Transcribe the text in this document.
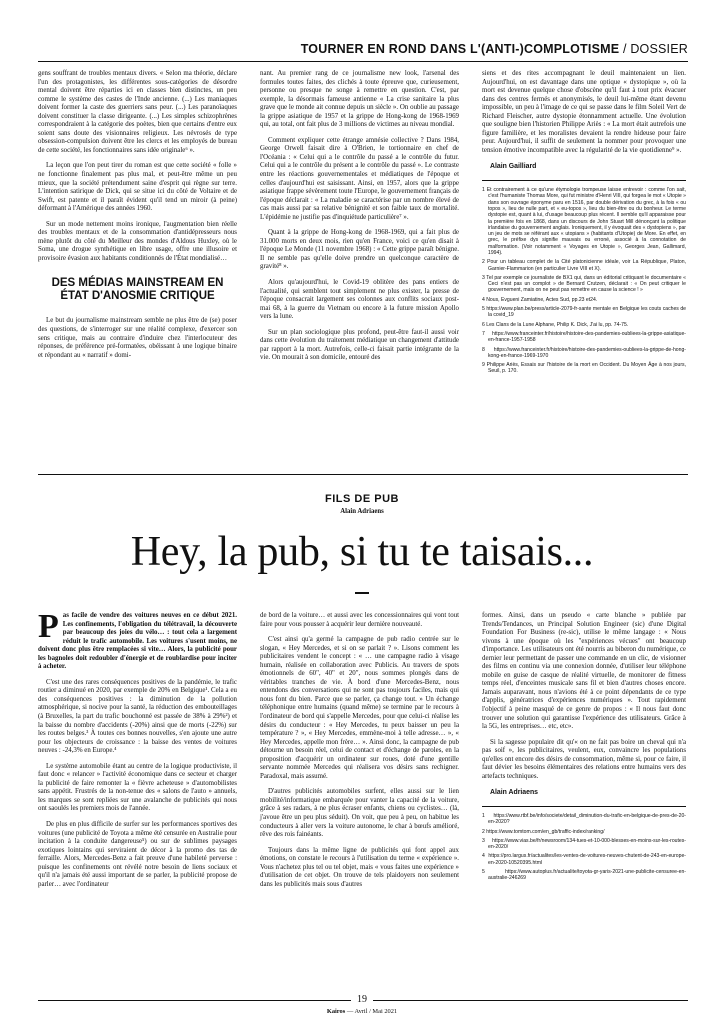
TOURNER EN ROND DANS L'(ANTI-)COMPLOTISME / DOSSIER

gens souffrant de troubles mentaux divers. « Selon ma théorie, déclare l'un des protagonistes, les différentes sous-catégories de désordre mental doivent être réparties ici en classes bien distinctes, un peu comme le système des castes de l'Inde ancienne. (...) Les maniaques doivent former la caste des guerriers sans peur. (...) Les paranoïaques doivent constituer la classe dirigeante. (...) Les simples schizophrènes correspondraient à la catégorie des poètes, bien que certains d'entre eux soient sans doute des visionnaires religieux. Les névrosés de type obsession-compulsion doivent être les clercs et les employés de bureau de cette société, les fonctionnaires sans idée originale⁶ ».

La leçon que l'on peut tirer du roman est que cette société « folle » ne fonctionne finalement pas plus mal, et peut-être même un peu mieux, que la société prétendument saine d'esprit qui règne sur terre. L'intention satirique de Dick, qui se situe ici du côté de Voltaire et de Swift, est patente et il paraît évident qu'il tend un miroir (à peine) déformant à l'Amérique des années 1960.

Sur un mode nettement moins ironique, l'augmentation bien réelle des troubles mentaux et de la consommation d'antidépresseurs nous mène plutôt du côté du Meilleur des mondes d'Aldous Huxley, où le Soma, une drogue synthétique en libre usage, offre une illusoire et provisoire évasion aux habitants conditionnés de l'État mondialisé…

DES MÉDIAS MAINSTREAM EN ÉTAT D'ANOSMIE CRITIQUE

Le but du journalisme mainstream semble ne plus être de (se) poser des questions, de s'interroger sur une réalité complexe, d'exercer son sens critique, mais au contraire d'induire chez l'interlocuteur des réponses, de préférence pré-formatées, obéissant à une logique binaire et répondant au « narratif » domi-

nant. Au premier rang de ce journalisme new look, l'arsenal des formules toutes faites, des clichés à toute épreuve que, curieusement, personne ou presque ne songe à remettre en question. C'est, par exemple, la désormais fameuse antienne « La crise sanitaire la plus grave que le monde ait connue depuis un siècle ». On oublie au passage la grippe asiatique de 1957 et la grippe de Hong-kong de 1968-1969 qui, au total, ont fait plus de 3 millions de victimes au niveau mondial.

Comment expliquer cette étrange amnésie collective ? Dans 1984, George Orwell faisait dire à O'Brien, le tortionnaire en chef de l'Océania : « Celui qui a le contrôle du passé a le contrôle du futur. Celui qui a le contrôle du présent a le contrôle du passé ». Le contraste entre les réactions gouvernementales et médiatiques de l'époque et celles d'aujourd'hui est saisissant. Ainsi, en 1957, alors que la grippe asiatique frappe sévèrement toute l'Europe, le gouvernement français de l'époque déclarait : « La maladie se caractérise par un nombre élevé de cas mais aussi par sa relative bénignité et son faible taux de mortalité. L'épidémie ne justifie pas d'inquiétude particulière⁷ ».

Quant à la grippe de Hong-kong de 1968-1969, qui a fait plus de 31.000 morts en deux mois, rien qu'en France, voici ce qu'en disait à l'époque Le Monde (11 novembre 1968) : « Cette grippe paraît bénigne. Il ne semble pas qu'elle doive prendre un quelconque caractère de gravité⁸ ».

Alors qu'aujourd'hui, le Covid-19 oblitère des pans entiers de l'actualité, qui semblent tout simplement ne plus exister, la presse de l'époque consacrait largement ses colonnes aux conflits sociaux post-mai 68, à la guerre du Vietnam ou encore à la future mission Apollo vers la lune.

Sur un plan sociologique plus profond, peut-être faut-il aussi voir dans cette évolution du traitement médiatique un changement d'attitude par rapport à la mort. Autrefois, celle-ci faisait partie intégrante de la vie. On mourait à son domicile, entouré des

siens et des rites accompagnant le deuil maintenaient un lien. Aujourd'hui, on est davantage dans une optique « dystopique », où la mort est devenue quelque chose d'obscène qu'il faut à tout prix évacuer dans des centres fermés et anonymisés, le deuil lui-même étant devenu impossible, un peu à l'image de ce qui se passe dans le film Soleil Vert de Richard Fleischer, autre dystopie étonnamment actuelle. Une évolution que souligne bien l'historien Philippe Ariès : « La mort était autrefois une figure familière, et les moralistes devaient la rendre hideuse pour faire peur. Aujourd'hui, il suffit de seulement la nommer pour provoquer une tension émotive incompatible avec la régularité de la vie quotidienne⁹ ».

Alain Gailliard
1 Et contrairement à ce qu'une étymologie trompeuse laisse entrevoir : comme l'on sait, c'est l'humaniste Thomas More, qui fut ministre d'Henri VIII, qui forgea le mot « Utopie » dans son ouvrage éponyme paru en 1516, par double dérivation du grec, à la fois « ou topos », lieu de nulle part, et « eu-topos », lieu du bien-être ou du bonheur. Le terme dystopie est, quant à lui, d'usage beaucoup plus récent. Il semble qu'il apparaisse pour la première fois en 1868, dans un discours de John Stuart Mill dénonçant la politique irlandaise du gouvernement anglais. Ironiquement, il y évoquait des « dystopiens », par un jeu de mots se référant aux « utopians » (habitants d'Utopie) de More. En effet, en grec, le préfixe dys signifie mauvais ou erroné, associé à la connotation de malformation. (Voir notamment « Voyages en Utopie », Georges Jean, Gallimard, 1994).
2 Pour un tableau complet de la Cité platonicienne idéale, voir La République, Platon, Garnier-Flammarion (en particulier Livre VIII et X).
3 Tel par exemple ce journaliste de BX1 qui, dans un éditorial critiquant le documentaire « Ceci n'est pas un complot » de Bernard Crutzen, déclarait : « On peut critiquer le gouvernement, mais on ne peut pas remettre en cause la science ! »
4 Nous, Evgueni Zamiatine, Actes Sud, pp.23 et24.
5 https://www.plan.be/press/article-2079-fr-sante mentale en Belgique les couts caches de la covid_19
6 Les Clans de la Lune Alphane, Philip K. Dick, J'ai lu, pp. 74-75.
7 https://www.franceinter.fr/histoire/histoire-des-pandemies-oubliees-la-grippe-asiatique-en-france-1957-1958
8 https://www.franceinter.fr/histoire/histoire-des-pandemies-oubliees-la-grippe-de-hong-kong-en-france-1969-1970
9 Philippe Ariès, Essais sur l'histoire de la mort en Occident. Du Moyen Âge à nos jours, Seuil, p. 170.
FILS DE PUB
Alain Adriaens
Hey, la pub, si tu te taisais...

Pas facile de vendre des voitures neuves en ce début 2021. Les confinements, l'obligation du télétravail, la découverte par beaucoup des joies du vélo… : tout cela a largement réduit le trafic automobile. Les voitures s'usent moins, ne doivent donc plus être remplacées si vite… Alors, la publicité pour les bagnoles doit redoubler d'énergie et de roublardise pour inciter à acheter.

C'est une des rares conséquences positives de la pandémie, le trafic routier a diminué en 2020, par exemple de 20% en Belgique¹. Cela a eu des conséquences positives : la diminution de la pollution atmosphérique, si nocive pour la santé, la réduction des embouteillages (à Bruxelles, la part du trafic bouchonné est passée de 38% à 29%²) et la baisse du nombre d'accidents (-20%) ainsi que de morts (-22%) sur les routes belges.³ À toutes ces bonnes nouvelles, s'en ajoute une autre pour les objecteurs de croissance : la baisse des ventes de voitures neuves : -24,3% en Europe.⁴

Le système automobile étant au centre de la logique productiviste, il faut donc « relancer » l'activité économique dans ce secteur et charger la publicité de faire remonter la « fièvre acheteuse » d'automobilistes sans appétit. Frustrés de la non-tenue des « salons de l'auto » annuels, les marques se sont repliées sur une avalanche de publicités qui nous ont saoulés les premiers mois de l'année.

De plus en plus difficile de surfer sur les performances sportives des voitures (une publicité de Toyota a même été censurée en Australie pour incitation à la conduite dangereuse⁵) ou sur de sublimes paysages exotiques lointains qui serviraient de décor à la promo des tas de ferraille. Alors, Mercedes-Benz a fait preuve d'une habileté perverse : puisque les confinements ont révélé notre besoin de liens sociaux et qu'il n'a jamais été aussi important de se parler, la publicité propose de parler… avec l'ordinateur

de bord de la voiture… et aussi avec les concessionnaires qui vont tout faire pour vous pousser à acquérir leur dernière nouveauté.

C'est ainsi qu'a germé la campagne de pub radio centrée sur le slogan, « Hey Mercedes, et si on se parlait ? ». Lisons comment les publicitaires vendent le concept : « … une campagne radio à visage humain, réalisée en collaboration avec Publicis. Au travers de spots émotionnels de 60", 40" et 20", nous sommes plongés dans de véritables tranches de vie. À bord d'une Mercedes-Benz, nous entendons des conversations qui ne sont pas toujours faciles, mais qui nous font du bien. Parce que se parler, ça change tout. » Un échange téléphonique entre humains (quand même) se termine par le recours à l'ordinateur de bord qui s'appelle Mercedes, pour que celui-ci réalise les désirs du conducteur : « Hey Mercedes, tu peux baisser un peu la température ? », « Hey Mercedes, emmène-moi à telle adresse… », « Hey Mercedes, appelle mon frère… ». Ainsi donc, la campagne de pub détourne un besoin réel, celui de contact et d'échange de paroles, en la proposition d'acquérir un ordinateur sur roues, doté d'une gentille servante nommée Mercedes qui réalisera vos désirs sans rechigner. Paradoxal, mais assumé.

D'autres publicités automobiles surfent, elles aussi sur le lien mobilité/informatique embarquée pour vanter la capacité de la voiture, grâce à ses radars, à ne plus écraser enfants, chiens ou cyclistes… (là, j'avoue être un peu plus séduit). On voit, que peu à peu, on habitue les conducteurs à aller vers la voiture autonome, le char à bœufs amélioré, rêve des rois fainéants.

Toujours dans la même ligne de publicités qui font appel aux émotions, on constate le recours à l'utilisation du terme « expérience ». Vous n'achetez plus tel ou tel objet, mais « vous faites une expérience » d'utilisation de cet objet. On trouve de tels plaidoyers non seulement dans les publicités mais sous d'autres

formes. Ainsi, dans un pseudo « carte blanche » publiée par Trends/Tendances, un Principal Solution Engineer (sic) d'une Digital Foundation For Business (re-sic), utilise le même langage : « Nous vivons à une époque où les "expériences vécues" ont beaucoup d'importance. Les utilisateurs ont été nourris au biberon du numérique, ce dernier leur permettant de passer une commande en un clic, de visionner des films en continu via une connexion donnée, d'utiliser leur téléphone mobile en guise de casque de réalité virtuelle, de monitorer de fitness temps réel, d'enceintes musicale sans fil et bien d'autres choses encore. Jamais auparavant, nous n'avions été à ce point dépendants de ce type d'applis, génératrices d'expériences numériques ». Tout rapidement l'objectif à peine masqué de ce genre de propos : « Il nous faut donc trouver une solution qui garantisse l'expérience des utilisateurs. Grâce à la 5G, les entreprises… etc, etc».

Si la sagesse populaire dit qu'« on ne fait pas boire un cheval qui n'a pas soif », les publicitaires, veulent, eux, convaincre les populations qu'elles ont encore des désirs de consommation, même si, pour ce faire, il faut dévier les besoins élémentaires des relations entre humains vers des artefacts techniques.

Alain Adriaens
1 https://www.rtbf.be/info/societe/detail_diminution-du-trafic-en-belgique-de-pres-de-20-en-2020?
2 https://www.tomtom.com/en_gb/traffic-index/ranking/
3 https://www.vias.be/fr/newsroom/134-tues-et-10-000-blesses-en-moins-sur-les-routes-en-2020/
4 https://pro.largus.fr/actualites/les-ventes-de-voitures-neuves-chutent-de-243-en-europe-en-2020-10520395.html
5 https://www.autoplus.fr/actualite/toyota-gr-yaris-2021-une-publicite-censuree-en-australie-246269
19
Kairos — Avril / Mai 2021
